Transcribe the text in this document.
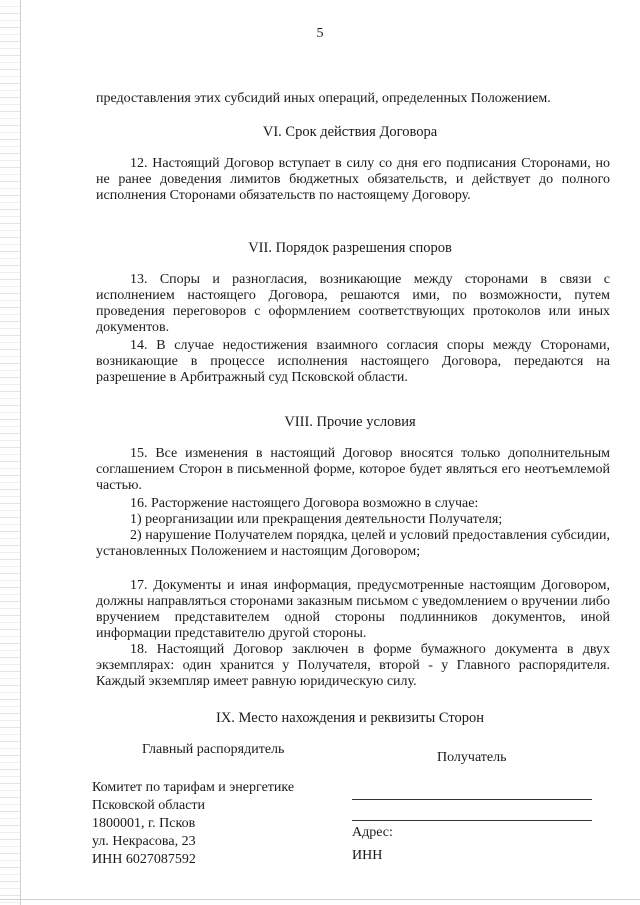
5
предоставления этих субсидий иных операций, определенных Положением.
VI. Срок действия Договора
12. Настоящий Договор вступает в силу со дня его подписания Сторонами, но не ранее доведения лимитов бюджетных обязательств, и действует до полного исполнения Сторонами обязательств по настоящему Договору.
VII. Порядок разрешения споров
13. Споры и разногласия, возникающие между сторонами в связи с исполнением настоящего Договора, решаются ими, по возможности, путем проведения переговоров с оформлением соответствующих протоколов или иных документов.
14. В случае недостижения взаимного согласия споры между Сторонами, возникающие в процессе исполнения настоящего Договора, передаются на разрешение в Арбитражный суд Псковской области.
VIII. Прочие условия
15. Все изменения в настоящий Договор вносятся только дополнительным соглашением Сторон в письменной форме, которое будет являться его неотъемлемой частью.
16. Расторжение настоящего Договора возможно в случае:
1) реорганизации или прекращения деятельности Получателя;
2) нарушение Получателем порядка, целей и условий предоставления субсидии, установленных Положением и настоящим Договором;
17. Документы и иная информация, предусмотренные настоящим Договором, должны направляться сторонами заказным письмом с уведомлением о вручении либо вручением представителем одной стороны подлинников документов, иной информации представителю другой стороны.
18. Настоящий Договор заключен в форме бумажного документа в двух экземплярах: один хранится у Получателя, второй - у Главного распорядителя. Каждый экземпляр имеет равную юридическую силу.
IX. Место нахождения и реквизиты Сторон
Главный распорядитель
Получатель
Комитет по тарифам и энергетике
Псковской области
1800001, г. Псков
ул. Некрасова, 23
ИНН 6027087592
Адрес:
ИНН
